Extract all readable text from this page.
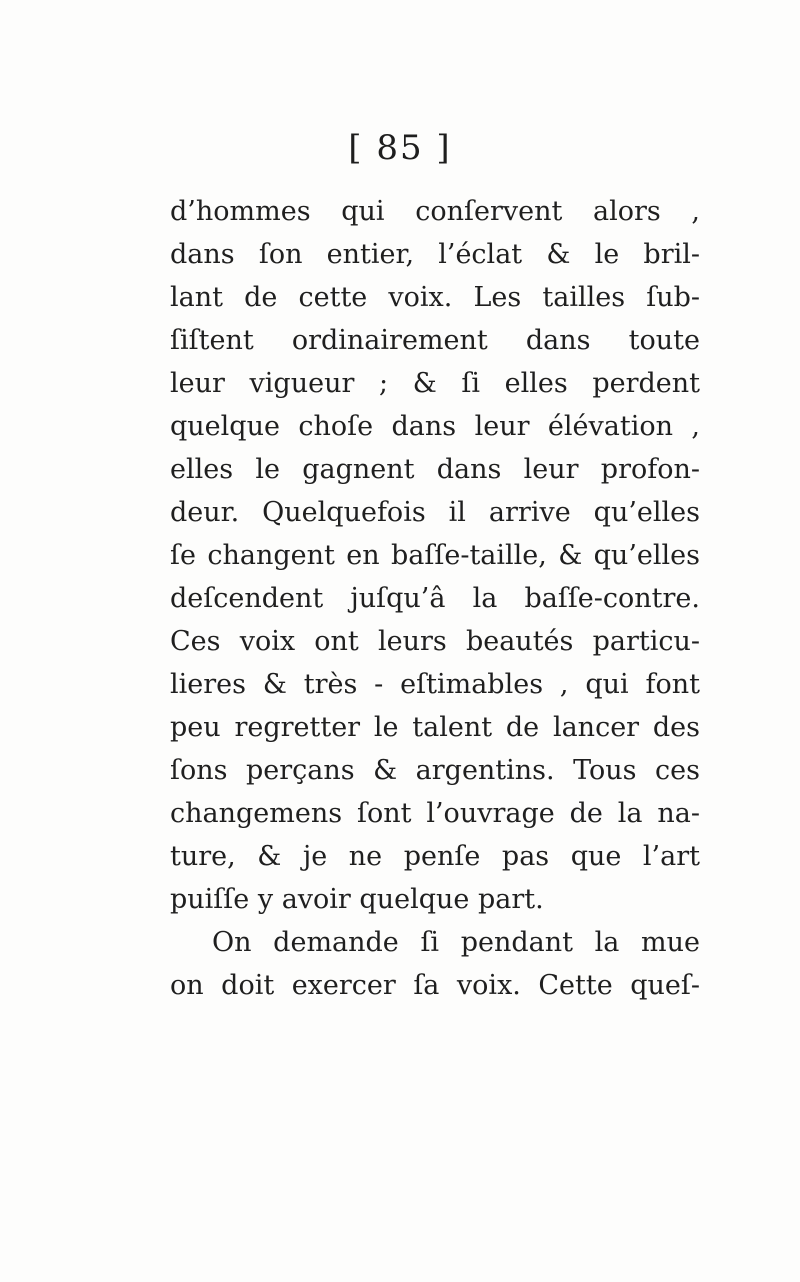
[ 85 ]
d’hommes qui conſervent alors ,
dans ſon entier, l’éclat & le bril-
lant de cette voix. Les tailles ſub-
ſiſtent ordinairement dans toute
leur vigueur ; & ſi elles perdent
quelque choſe dans leur élévation ,
elles le gagnent dans leur profon-
deur. Quelquefois il arrive qu’elles
ſe changent en baſſe-taille, & qu’elles
deſcendent juſqu’â la baſſe-contre.
Ces voix ont leurs beautés particu-
lieres & très - eſtimables , qui font
peu regretter le talent de lancer des
ſons perçans & argentins. Tous ces
changemens ſont l’ouvrage de la na-
ture, & je ne penſe pas que l’art
puiſſe y avoir quelque part.
On demande ſi pendant la mue
on doit exercer ſa voix. Cette queſ-
